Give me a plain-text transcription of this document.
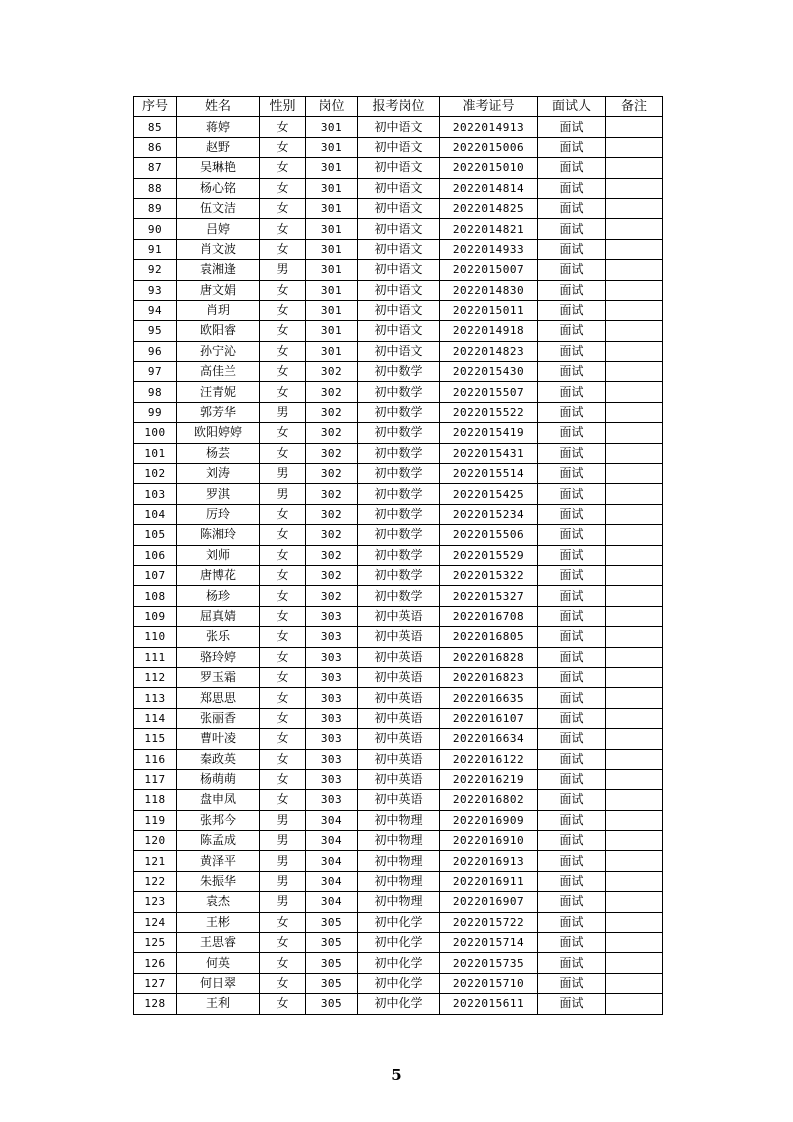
序号	姓名	性别	岗位	报考岗位	准考证号	面试人	备注
85	蒋婷	女	301	初中语文	2022014913	面试	
86	赵野	女	301	初中语文	2022015006	面试	
87	吴琳艳	女	301	初中语文	2022015010	面试	
88	杨心铭	女	301	初中语文	2022014814	面试	
89	伍文洁	女	301	初中语文	2022014825	面试	
90	吕婷	女	301	初中语文	2022014821	面试	
91	肖文波	女	301	初中语文	2022014933	面试	
92	袁湘逢	男	301	初中语文	2022015007	面试	
93	唐文娟	女	301	初中语文	2022014830	面试	
94	肖玥	女	301	初中语文	2022015011	面试	
95	欧阳睿	女	301	初中语文	2022014918	面试	
96	孙宁沁	女	301	初中语文	2022014823	面试	
97	高佳兰	女	302	初中数学	2022015430	面试	
98	汪青妮	女	302	初中数学	2022015507	面试	
99	郭芳华	男	302	初中数学	2022015522	面试	
100	欧阳婷婷	女	302	初中数学	2022015419	面试	
101	杨芸	女	302	初中数学	2022015431	面试	
102	刘涛	男	302	初中数学	2022015514	面试	
103	罗淇	男	302	初中数学	2022015425	面试	
104	厉玲	女	302	初中数学	2022015234	面试	
105	陈湘玲	女	302	初中数学	2022015506	面试	
106	刘师	女	302	初中数学	2022015529	面试	
107	唐博花	女	302	初中数学	2022015322	面试	
108	杨珍	女	302	初中数学	2022015327	面试	
109	屈真婧	女	303	初中英语	2022016708	面试	
110	张乐	女	303	初中英语	2022016805	面试	
111	骆玲婷	女	303	初中英语	2022016828	面试	
112	罗玉霜	女	303	初中英语	2022016823	面试	
113	郑思思	女	303	初中英语	2022016635	面试	
114	张丽香	女	303	初中英语	2022016107	面试	
115	曹叶凌	女	303	初中英语	2022016634	面试	
116	秦政英	女	303	初中英语	2022016122	面试	
117	杨萌萌	女	303	初中英语	2022016219	面试	
118	盘申凤	女	303	初中英语	2022016802	面试	
119	张邦今	男	304	初中物理	2022016909	面试	
120	陈孟成	男	304	初中物理	2022016910	面试	
121	黄泽平	男	304	初中物理	2022016913	面试	
122	朱振华	男	304	初中物理	2022016911	面试	
123	袁杰	男	304	初中物理	2022016907	面试	
124	王彬	女	305	初中化学	2022015722	面试	
125	王思睿	女	305	初中化学	2022015714	面试	
126	何英	女	305	初中化学	2022015735	面试	
127	何日翠	女	305	初中化学	2022015710	面试	
128	王利	女	305	初中化学	2022015611	面试	
5
